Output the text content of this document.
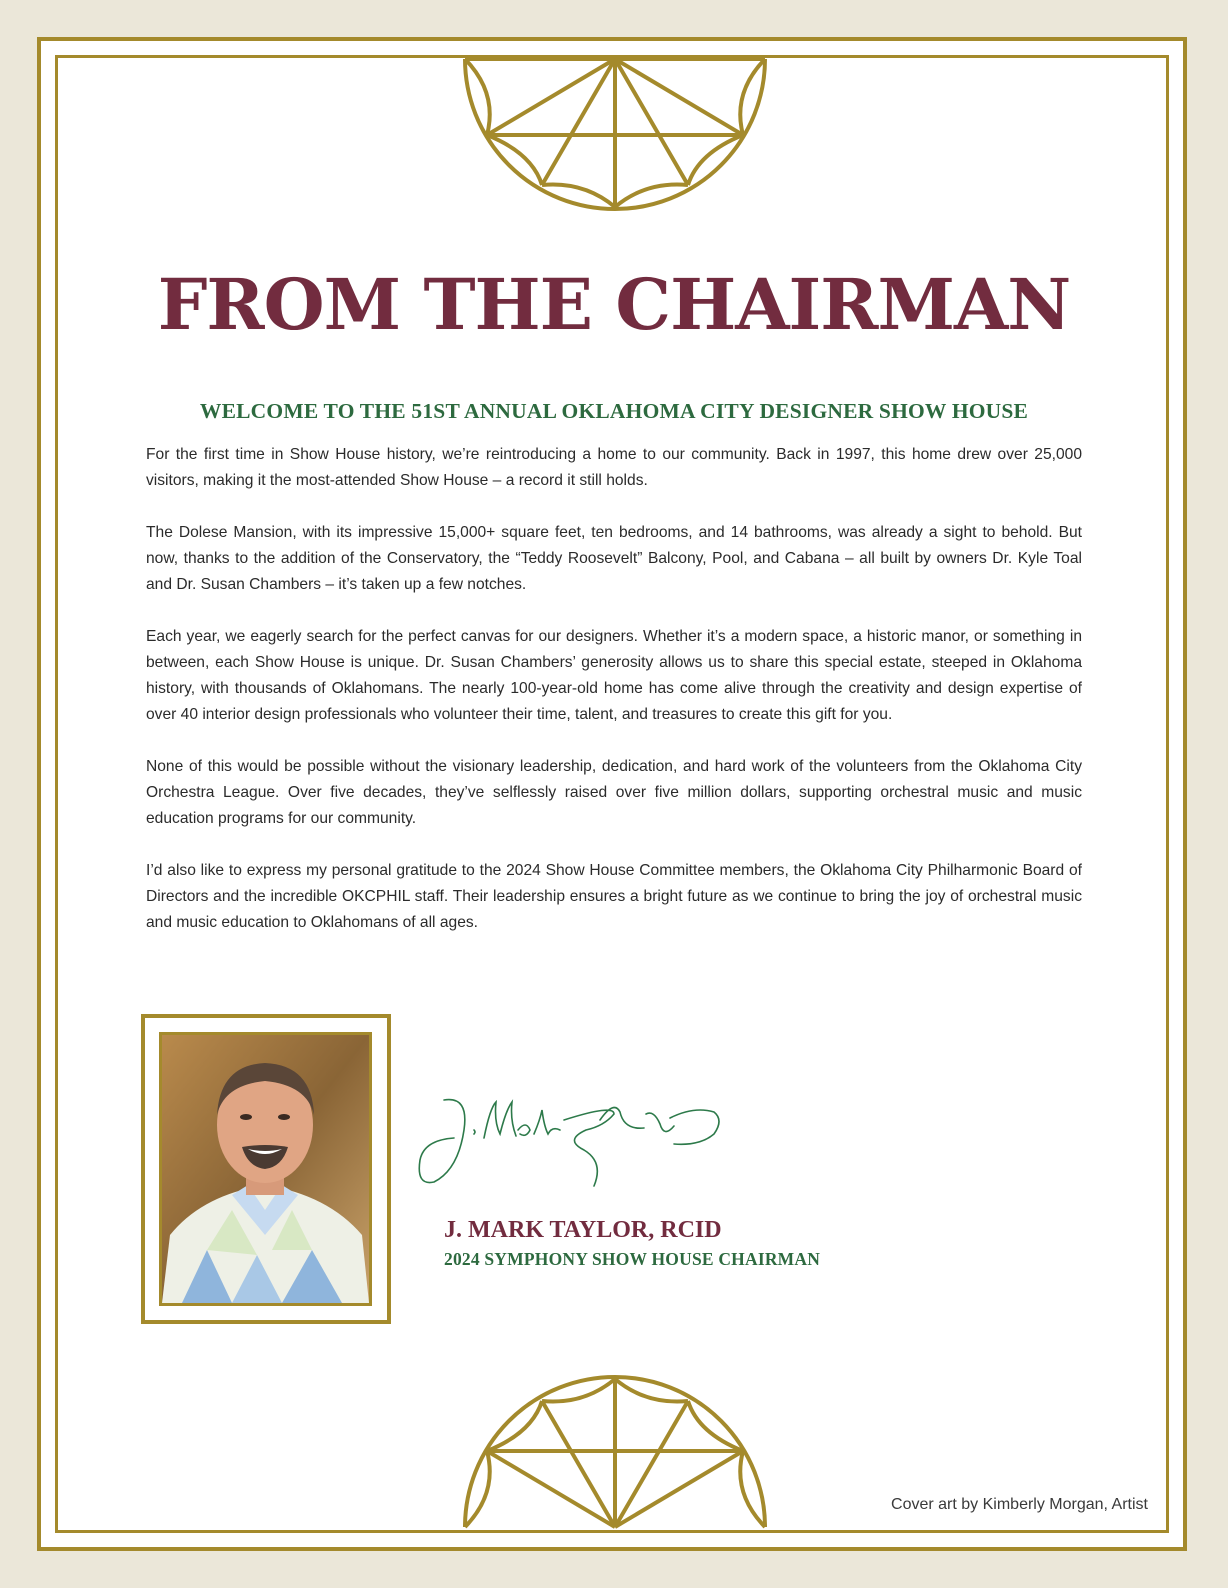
FROM THE CHAIRMAN
WELCOME TO THE 51ST ANNUAL OKLAHOMA CITY DESIGNER SHOW HOUSE

For the first time in Show House history, we’re reintroducing a home to our community. Back in 1997, this home drew over 25,000 visitors, making it the most-attended Show House – a record it still holds.

The Dolese Mansion, with its impressive 15,000+ square feet, ten bedrooms, and 14 bathrooms, was already a sight to behold. But now, thanks to the addition of the Conservatory, the “Teddy Roosevelt” Balcony, Pool, and Cabana – all built by owners Dr. Kyle Toal and Dr. Susan Chambers – it’s taken up a few notches.

Each year, we eagerly search for the perfect canvas for our designers. Whether it’s a modern space, a historic manor, or something in between, each Show House is unique. Dr. Susan Chambers’ generosity allows us to share this special estate, steeped in Oklahoma history, with thousands of Oklahomans. The nearly 100-year-old home has come alive through the creativity and design expertise of over 40 interior design professionals who volunteer their time, talent, and treasures to create this gift for you.

None of this would be possible without the visionary leadership, dedication, and hard work of the volunteers from the Oklahoma City Orchestra League. Over five decades, they’ve selflessly raised over five million dollars, supporting orchestral music and music education programs for our community.

I’d also like to express my personal gratitude to the 2024 Show House Committee members, the Oklahoma City Philharmonic Board of Directors and the incredible OKCPHIL staff. Their leadership ensures a bright future as we continue to bring the joy of orchestral music and music education to Oklahomans of all ages.

J. MARK TAYLOR, RCID

2024 SYMPHONY SHOW HOUSE CHAIRMAN

Cover art by Kimberly Morgan, Artist
